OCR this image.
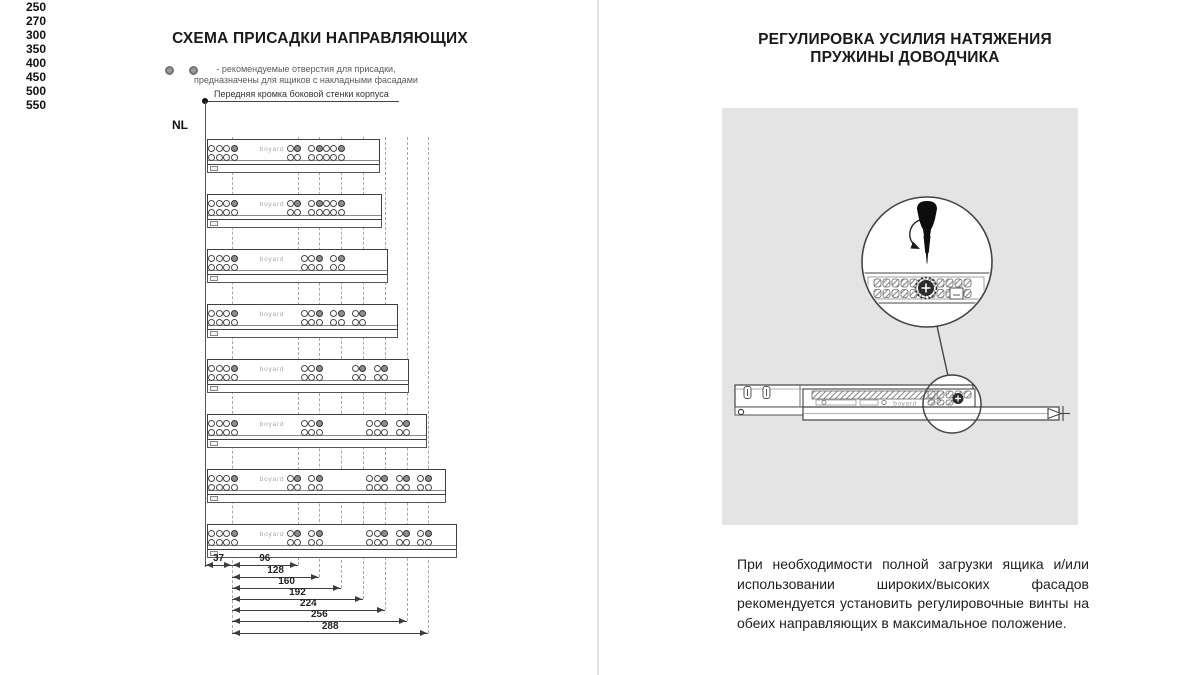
СХЕМА ПРИСАДКИ НАПРАВЛЯЮЩИХ
- рекомендуемые отверстия для присадки,
предназначены для ящиков с накладными фасадами
Передняя кромка боковой стенки корпуса
NL
250
boyard
270
boyard
300
boyard
350
boyard
400
boyard
450
boyard
500
boyard
550
boyard
37	96
128
160
192
224
256
288
РЕГУЛИРОВКА УСИЛИЯ НАТЯЖЕНИЯ
ПРУЖИНЫ ДОВОДЧИКА
boyard
При необходимости полной загрузки ящика и/или использовании широких/высоких фасадов рекомендуется установить регулировочные винты на обеих направляющих в максимальное положение.
